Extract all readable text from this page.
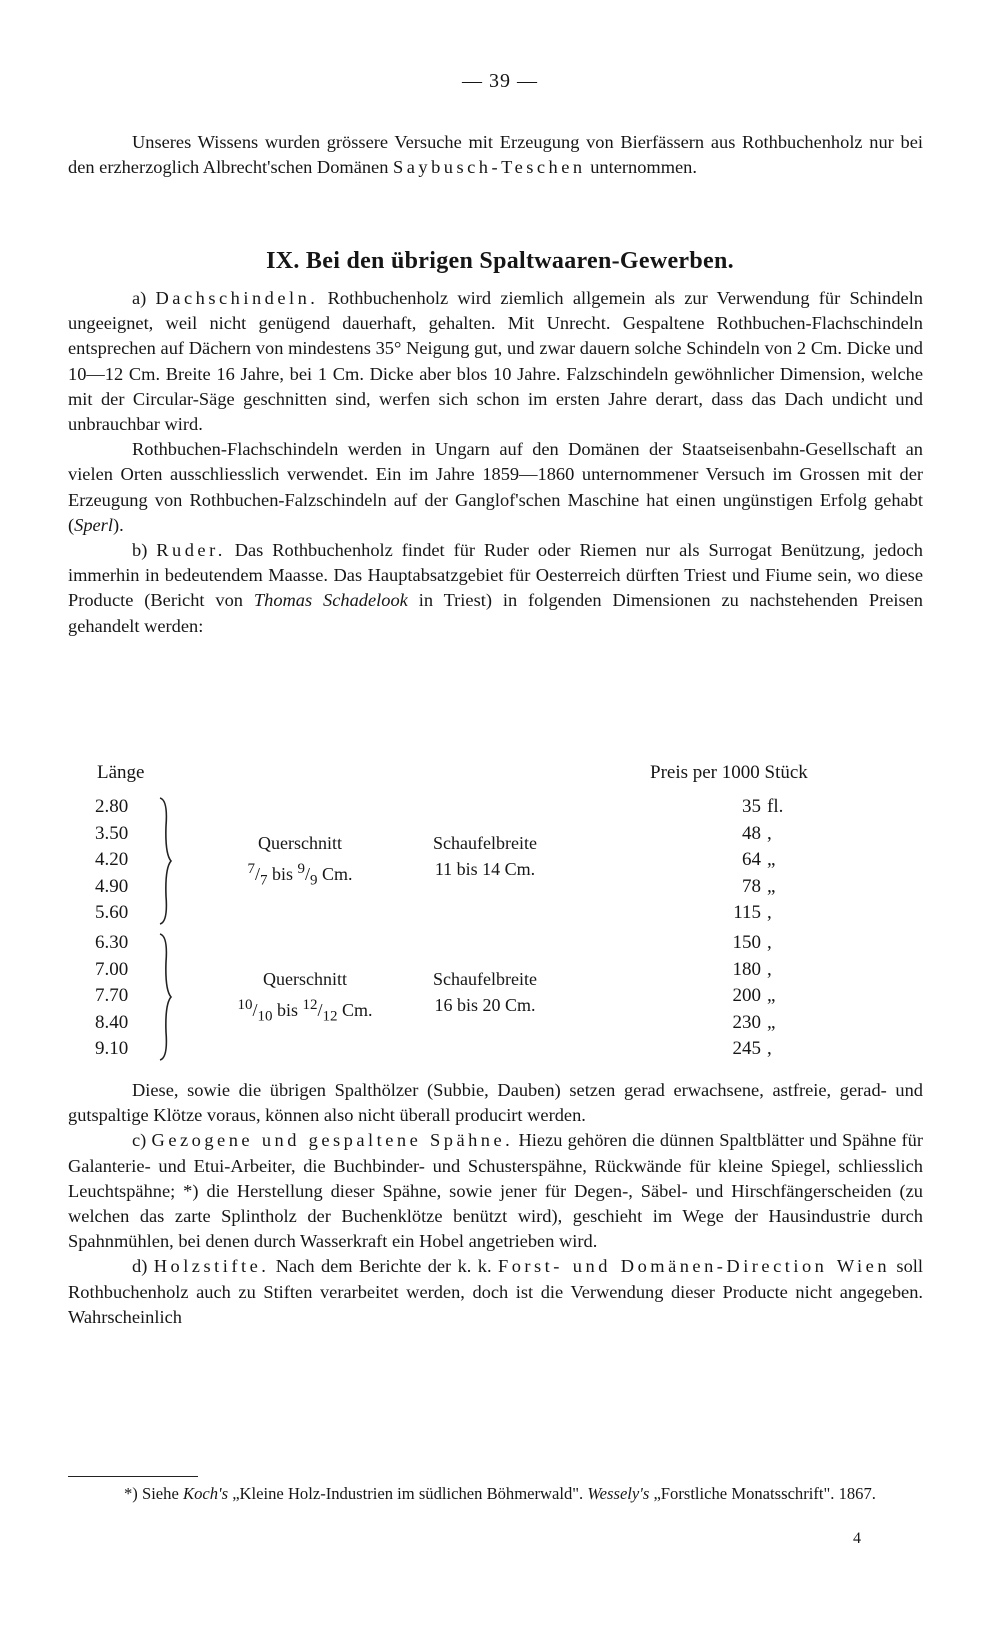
— 39 —

Unseres Wissens wurden grössere Versuche mit Erzeugung von Bierfässern aus Rothbuchenholz nur bei den erzherzoglich Albrecht'schen Domänen Saybusch-Teschen unternommen.

IX. Bei den übrigen Spaltwaaren-Gewerben.

a) Dachschindeln. Rothbuchenholz wird ziemlich allgemein als zur Verwendung für Schindeln ungeeignet, weil nicht genügend dauerhaft, gehalten. Mit Unrecht. Gespaltene Rothbuchen-Flachschindeln entsprechen auf Dächern von mindestens 35° Neigung gut, und zwar dauern solche Schindeln von 2 Cm. Dicke und 10—12 Cm. Breite 16 Jahre, bei 1 Cm. Dicke aber blos 10 Jahre. Falzschindeln gewöhnlicher Dimension, welche mit der Circular-Säge geschnitten sind, werfen sich schon im ersten Jahre derart, dass das Dach undicht und unbrauchbar wird.

Rothbuchen-Flachschindeln werden in Ungarn auf den Domänen der Staatseisenbahn-Gesellschaft an vielen Orten ausschliesslich verwendet. Ein im Jahre 1859—1860 unternommener Versuch im Grossen mit der Erzeugung von Rothbuchen-Falzschindeln auf der Ganglof'schen Maschine hat einen ungünstigen Erfolg gehabt (Sperl).

b) Ruder. Das Rothbuchenholz findet für Ruder oder Riemen nur als Surrogat Benützung, jedoch immerhin in bedeutendem Maasse. Das Hauptabsatzgebiet für Oesterreich dürften Triest und Fiume sein, wo diese Producte (Bericht von Thomas Schadelook in Triest) in folgenden Dimensionen zu nachstehenden Preisen gehandelt werden:

Länge	Preis per 1000 Stück
2.80
3.50
4.20
4.90
5.60
Querschnitt
$^7/_7$ bis $^9/_9$ Cm.
Schaufelbreite
11 bis 14 Cm.
35 fl.
48 ,
64 „
78 „
115 ,
6.30
7.00
7.70
8.40
9.10
Querschnitt
$^{10}/_{10}$ bis $^{12}/_{12}$ Cm.
Schaufelbreite
16 bis 20 Cm.
150 ,
180 ,
200 „
230 „
245 ,

Diese, sowie die übrigen Spalthölzer (Subbie, Dauben) setzen gerad erwachsene, astfreie, gerad- und gutspaltige Klötze voraus, können also nicht überall producirt werden.

c) Gezogene und gespaltene Spähne. Hiezu gehören die dünnen Spaltblätter und Spähne für Galanterie- und Etui-Arbeiter, die Buchbinder- und Schusterspähne, Rückwände für kleine Spiegel, schliesslich Leuchtspähne; *) die Herstellung dieser Spähne, sowie jener für Degen-, Säbel- und Hirschfängerscheiden (zu welchen das zarte Splintholz der Buchenklötze benützt wird), geschieht im Wege der Hausindustrie durch Spahnmühlen, bei denen durch Wasserkraft ein Hobel angetrieben wird.

d) Holzstifte. Nach dem Berichte der k. k. Forst- und Domänen-Direction Wien soll Rothbuchenholz auch zu Stiften verarbeitet werden, doch ist die Verwendung dieser Producte nicht angegeben. Wahrscheinlich

*) Siehe Koch's „Kleine Holz-Industrien im südlichen Böhmerwald". Wessely's „Forstliche Monatsschrift". 1867.

4
